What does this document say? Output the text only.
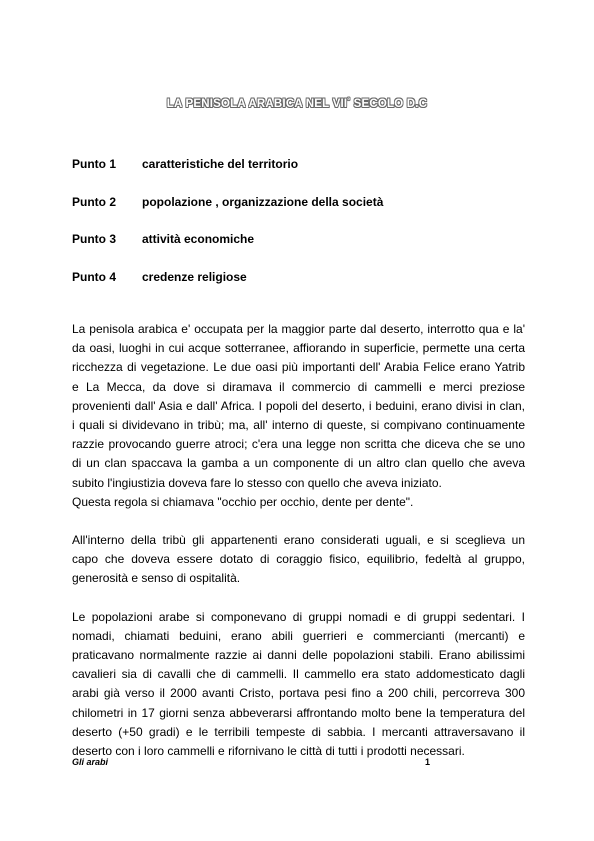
LA PENISOLA ARABICA NEL VII° SECOLO D.C
Punto 1 caratteristiche del territorio
Punto 2 popolazione , organizzazione della società
Punto 3 attività economiche
Punto 4 credenze religiose

La penisola arabica e' occupata per la maggior parte dal deserto, interrotto qua e la'
da oasi, luoghi in cui acque sotterranee, affiorando in superficie, permette una certa
ricchezza di vegetazione. Le due oasi più importanti dell' Arabia Felice erano Yatrib
e La Mecca, da dove si diramava il commercio di cammelli e merci preziose
provenienti dall' Asia e dall' Africa. I popoli del deserto, i beduini, erano divisi in clan,
i quali si dividevano in tribù; ma, all' interno di queste, si compivano continuamente
razzie provocando guerre atroci; c'era una legge non scritta che diceva che se uno
di un clan spaccava la gamba a un componente di un altro clan quello che aveva
subito l'ingiustizia doveva fare lo stesso con quello che aveva iniziato.
Questa regola si chiamava "occhio per occhio, dente per dente".

All'interno della tribù gli appartenenti erano considerati uguali, e si sceglieva un
capo che doveva essere dotato di coraggio fisico, equilibrio, fedeltà al gruppo,
generosità e senso di ospitalità.

Le popolazioni arabe si componevano di gruppi nomadi e di gruppi sedentari. I
nomadi, chiamati beduini, erano abili guerrieri e commercianti (mercanti) e
praticavano normalmente razzie ai danni delle popolazioni stabili. Erano abilissimi
cavalieri sia di cavalli che di cammelli. Il cammello era stato addomesticato dagli
arabi già verso il 2000 avanti Cristo, portava pesi fino a 200 chili, percorreva 300
chilometri in 17 giorni senza abbeverarsi affrontando molto bene la temperatura del
deserto (+50 gradi) e le terribili tempeste di sabbia. I mercanti attraversavano il
deserto con i loro cammelli e rifornivano le città di tutti i prodotti necessari.

Gli arabi	1
